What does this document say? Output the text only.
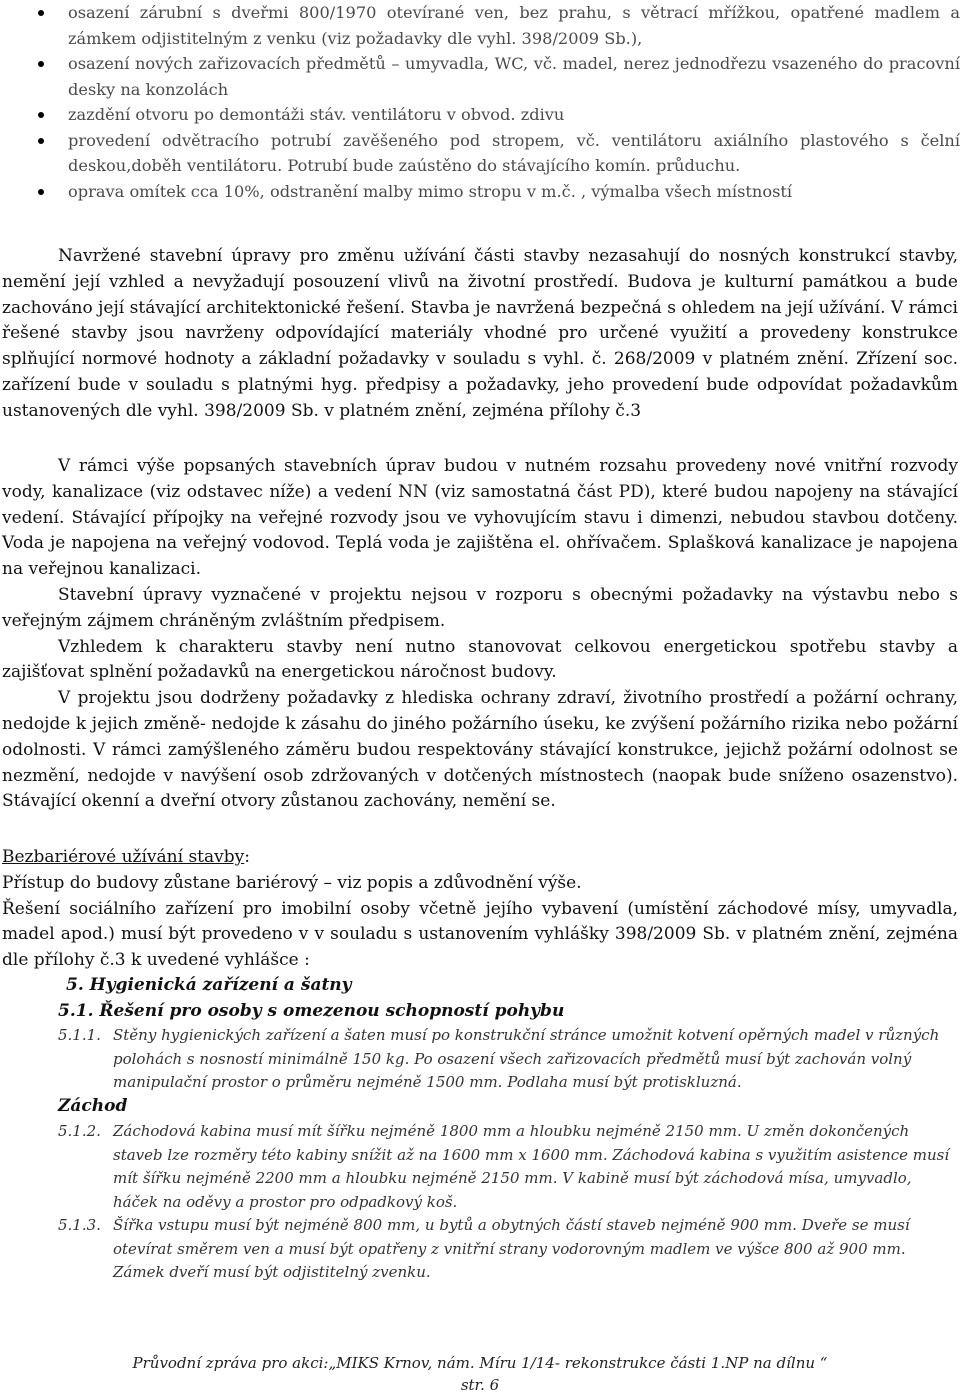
osazení zárubní s dveřmi 800/1970 otevírané ven, bez prahu, s větrací mřížkou, opatřené madlem a zámkem odjistitelným z venku (viz požadavky dle vyhl. 398/2009 Sb.),
osazení nových zařizovacích předmětů – umyvadla, WC, vč. madel, nerez jednodřezu vsazeného do pracovní desky na konzolách
zazdění otvoru po demontáži stáv. ventilátoru v obvod. zdivu
provedení odvětracího potrubí zavěšeného pod stropem, vč. ventilátoru axiálního plastového s čelní deskou,doběh ventilátoru. Potrubí bude zaústěno do stávajícího komín. průduchu.
oprava omítek cca 10%, odstranění malby mimo stropu v m.č. , výmalba všech místností

Navržené stavební úpravy pro změnu užívání části stavby nezasahují do nosných konstrukcí stavby, nemění její vzhled a nevyžadují posouzení vlivů na životní prostředí. Budova je kulturní památkou a bude zachováno její stávající architektonické řešení. Stavba je navržená bezpečná s ohledem na její užívání. V rámci řešené stavby jsou navrženy odpovídající materiály vhodné pro určené využití a provedeny konstrukce splňující normové hodnoty a základní požadavky v souladu s vyhl. č. 268/2009 v platném znění. Zřízení soc. zařízení bude v souladu s platnými hyg. předpisy a požadavky, jeho provedení bude odpovídat požadavkům ustanovených dle vyhl. 398/2009 Sb. v platném znění, zejména přílohy č.3

V rámci výše popsaných stavebních úprav budou v nutném rozsahu provedeny nové vnitřní rozvody vody, kanalizace (viz odstavec níže) a vedení NN (viz samostatná část PD), které budou napojeny na stávající vedení. Stávající přípojky na veřejné rozvody jsou ve vyhovujícím stavu i dimenzi, nebudou stavbou dotčeny. Voda je napojena na veřejný vodovod. Teplá voda je zajištěna el. ohřívačem. Splašková kanalizace je napojena na veřejnou kanalizaci.

Stavební úpravy vyznačené v projektu nejsou v rozporu s obecnými požadavky na výstavbu nebo s veřejným zájmem chráněným zvláštním předpisem.

Vzhledem k charakteru stavby není nutno stanovovat celkovou energetickou spotřebu stavby a zajišťovat splnění požadavků na energetickou náročnost budovy.

V projektu jsou dodrženy požadavky z hlediska ochrany zdraví, životního prostředí a požární ochrany, nedojde k jejich změně- nedojde k zásahu do jiného požárního úseku, ke zvýšení požárního rizika nebo požární odolnosti. V rámci zamýšleného záměru budou respektovány stávající konstrukce, jejichž požární odolnost se nezmění, nedojde v navýšení osob zdržovaných v dotčených místnostech (naopak bude sníženo osazenstvo). Stávající okenní a dveřní otvory zůstanou zachovány, nemění se.

Bezbariérové užívání stavby:

Přístup do budovy zůstane bariérový – viz popis a zdůvodnění výše.

Řešení sociálního zařízení pro imobilní osoby včetně jejího vybavení (umístění záchodové mísy, umyvadla, madel apod.) musí být provedeno v v souladu s ustanovením vyhlášky 398/2009 Sb. v platném znění, zejména dle přílohy č.3 k uvedené vyhlášce :

5. Hygienická zařízení a šatny
5.1. Řešení pro osoby s omezenou schopností pohybu
5.1.1. Stěny hygienických zařízení a šaten musí po konstrukční stránce umožnit kotvení opěrných madel v různých polohách s nosností minimálně 150 kg. Po osazení všech zařizovacích předmětů musí být zachován volný manipulační prostor o průměru nejméně 1500 mm. Podlaha musí být protiskluzná.
Záchod
5.1.2. Záchodová kabina musí mít šířku nejméně 1800 mm a hloubku nejméně 2150 mm. U změn dokončených staveb lze rozměry této kabiny snížit až na 1600 mm x 1600 mm. Záchodová kabina s využitím asistence musí mít šířku nejméně 2200 mm a hloubku nejméně 2150 mm. V kabině musí být záchodová mísa, umyvadlo, háček na oděvy a prostor pro odpadkový koš.
5.1.3. Šířka vstupu musí být nejméně 800 mm, u bytů a obytných částí staveb nejméně 900 mm. Dveře se musí otevírat směrem ven a musí být opatřeny z vnitřní strany vodorovným madlem ve výšce 800 až 900 mm. Zámek dveří musí být odjistitelný zvenku.
Průvodní zpráva pro akci:„MIKS Krnov, nám. Míru 1/14- rekonstrukce části 1.NP na dílnu “
str. 6
